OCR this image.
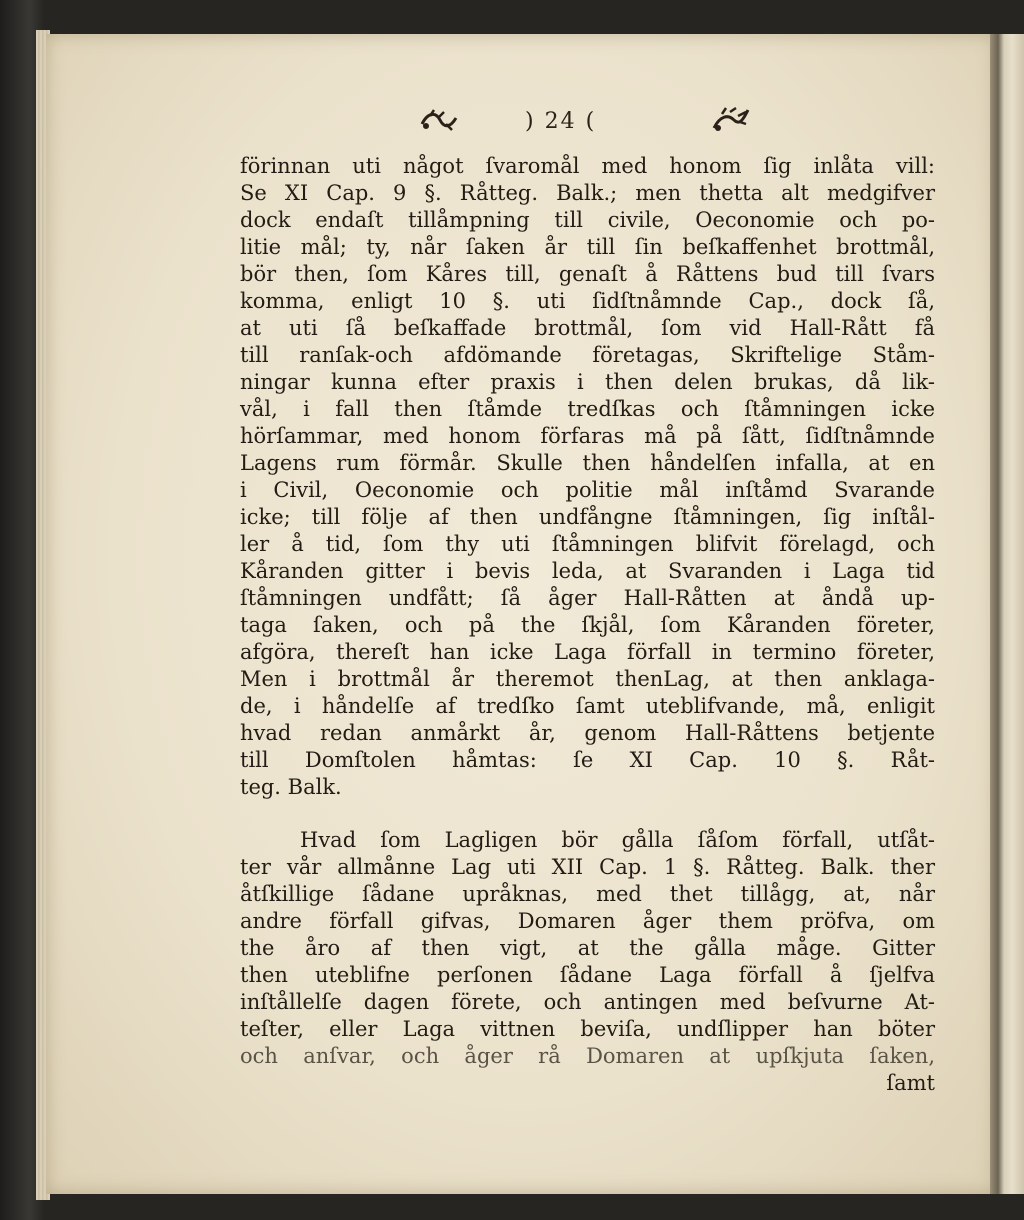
) 24 (
förinnan uti något ſvaromål med honom ſig inlåta vill:
Se XI Cap. 9 §. Råtteg. Balk.; men thetta alt medgifver
dock endaſt tillåmpning till civile, Oeconomie och po-
litie mål; ty, når ſaken år till ſin beſkaffenhet brottmål,
bör then, ſom Kåres till, genaſt å Råttens bud till ſvars
komma, enligt 10 §. uti ſidſtnåmnde Cap., dock ſå,
at uti ſå beſkaffade brottmål, ſom vid Hall-Rått få
till ranſak-och afdömande företagas, Skriftelige Ståm-
ningar kunna efter praxis i then delen brukas, då lik-
vål, i fall then ſtåmde tredſkas och ſtåmningen icke
hörſammar, med honom förfaras må på ſått, ſidſtnåmnde
Lagens rum förmår. Skulle then håndelſen infalla, at en
i Civil, Oeconomie och politie mål inſtåmd Svarande
icke; till följe af then undfångne ſtåmningen, ſig inſtål-
ler å tid, ſom thy uti ſtåmningen blifvit förelagd, och
Kåranden gitter i bevis leda, at Svaranden i Laga tid
ſtåmningen undfått; ſå åger Hall-Råtten at åndå up-
taga ſaken, och på the ſkjål, ſom Kåranden företer,
afgöra, thereſt han icke Laga förfall in termino företer,
Men i brottmål år theremot thenLag, at then anklaga-
de, i håndelſe af tredſko ſamt uteblifvande, må, enligit
hvad redan anmårkt år, genom Hall-Råttens betjente
till Domſtolen håmtas: ſe XI Cap. 10 §. Råt-
teg. Balk.
Hvad ſom Lagligen bör gålla ſåſom förfall, utſåt-
ter vår allmånne Lag uti XII Cap. 1 §. Råtteg. Balk. ther
åtſkillige ſådane upråknas, med thet tillågg, at, når
andre förfall gifvas, Domaren åger them pröfva, om
the åro af then vigt, at the gålla måge. Gitter
then uteblifne perſonen ſådane Laga förfall å ſjelfva
inſtållelſe dagen förete, och antingen med beſvurne At-
teſter, eller Laga vittnen beviſa, undſlipper han böter
och anſvar, och åger rå Domaren at upſkjuta ſaken,
ſamt
